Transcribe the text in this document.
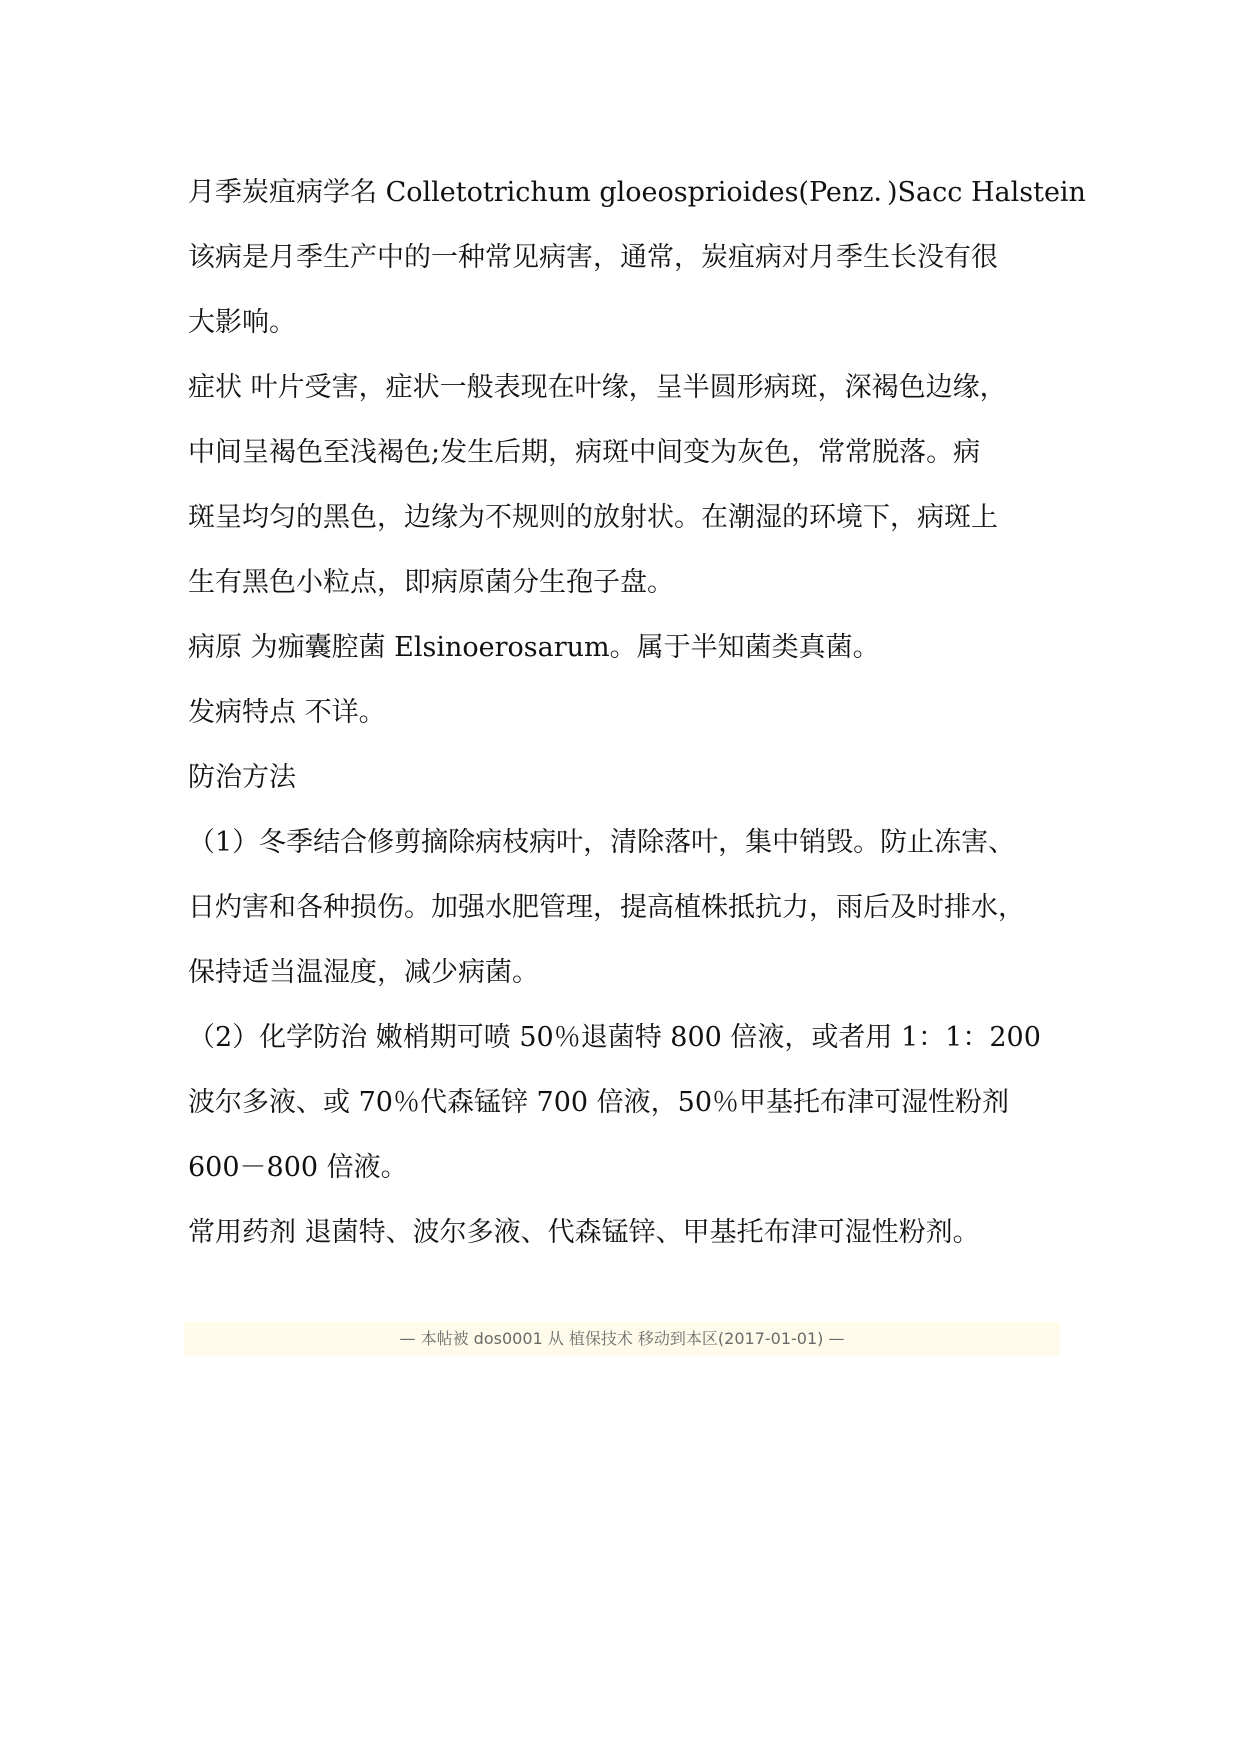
月季炭疽病学名 Colletotrichum gloeosprioides(Penz．)Sacc Halstein
该病是月季生产中的一种常见病害，通常，炭疽病对月季生长没有很
大影响。
症状 叶片受害，症状一般表现在叶缘，呈半圆形病斑，深褐色边缘，
中间呈褐色至浅褐色;发生后期，病斑中间变为灰色，常常脱落。病
斑呈均匀的黑色，边缘为不规则的放射状。在潮湿的环境下，病斑上
生有黑色小粒点，即病原菌分生孢子盘。
病原 为痂囊腔菌 Elsinoerosarum。属于半知菌类真菌。
发病特点 不详。
防治方法
（1）冬季结合修剪摘除病枝病叶，清除落叶，集中销毁。防止冻害、
日灼害和各种损伤。加强水肥管理，提高植株抵抗力，雨后及时排水，
保持适当温湿度，减少病菌。
（2）化学防治 嫩梢期可喷 50％退菌特 800 倍液，或者用 1：1：200
波尔多液、或 70％代森锰锌 700 倍液，50％甲基托布津可湿性粉剂
600－800 倍液。
常用药剂 退菌特、波尔多液、代森锰锌、甲基托布津可湿性粉剂。
— 本帖被 dos0001 从 植保技术 移动到本区(2017-01-01) —
